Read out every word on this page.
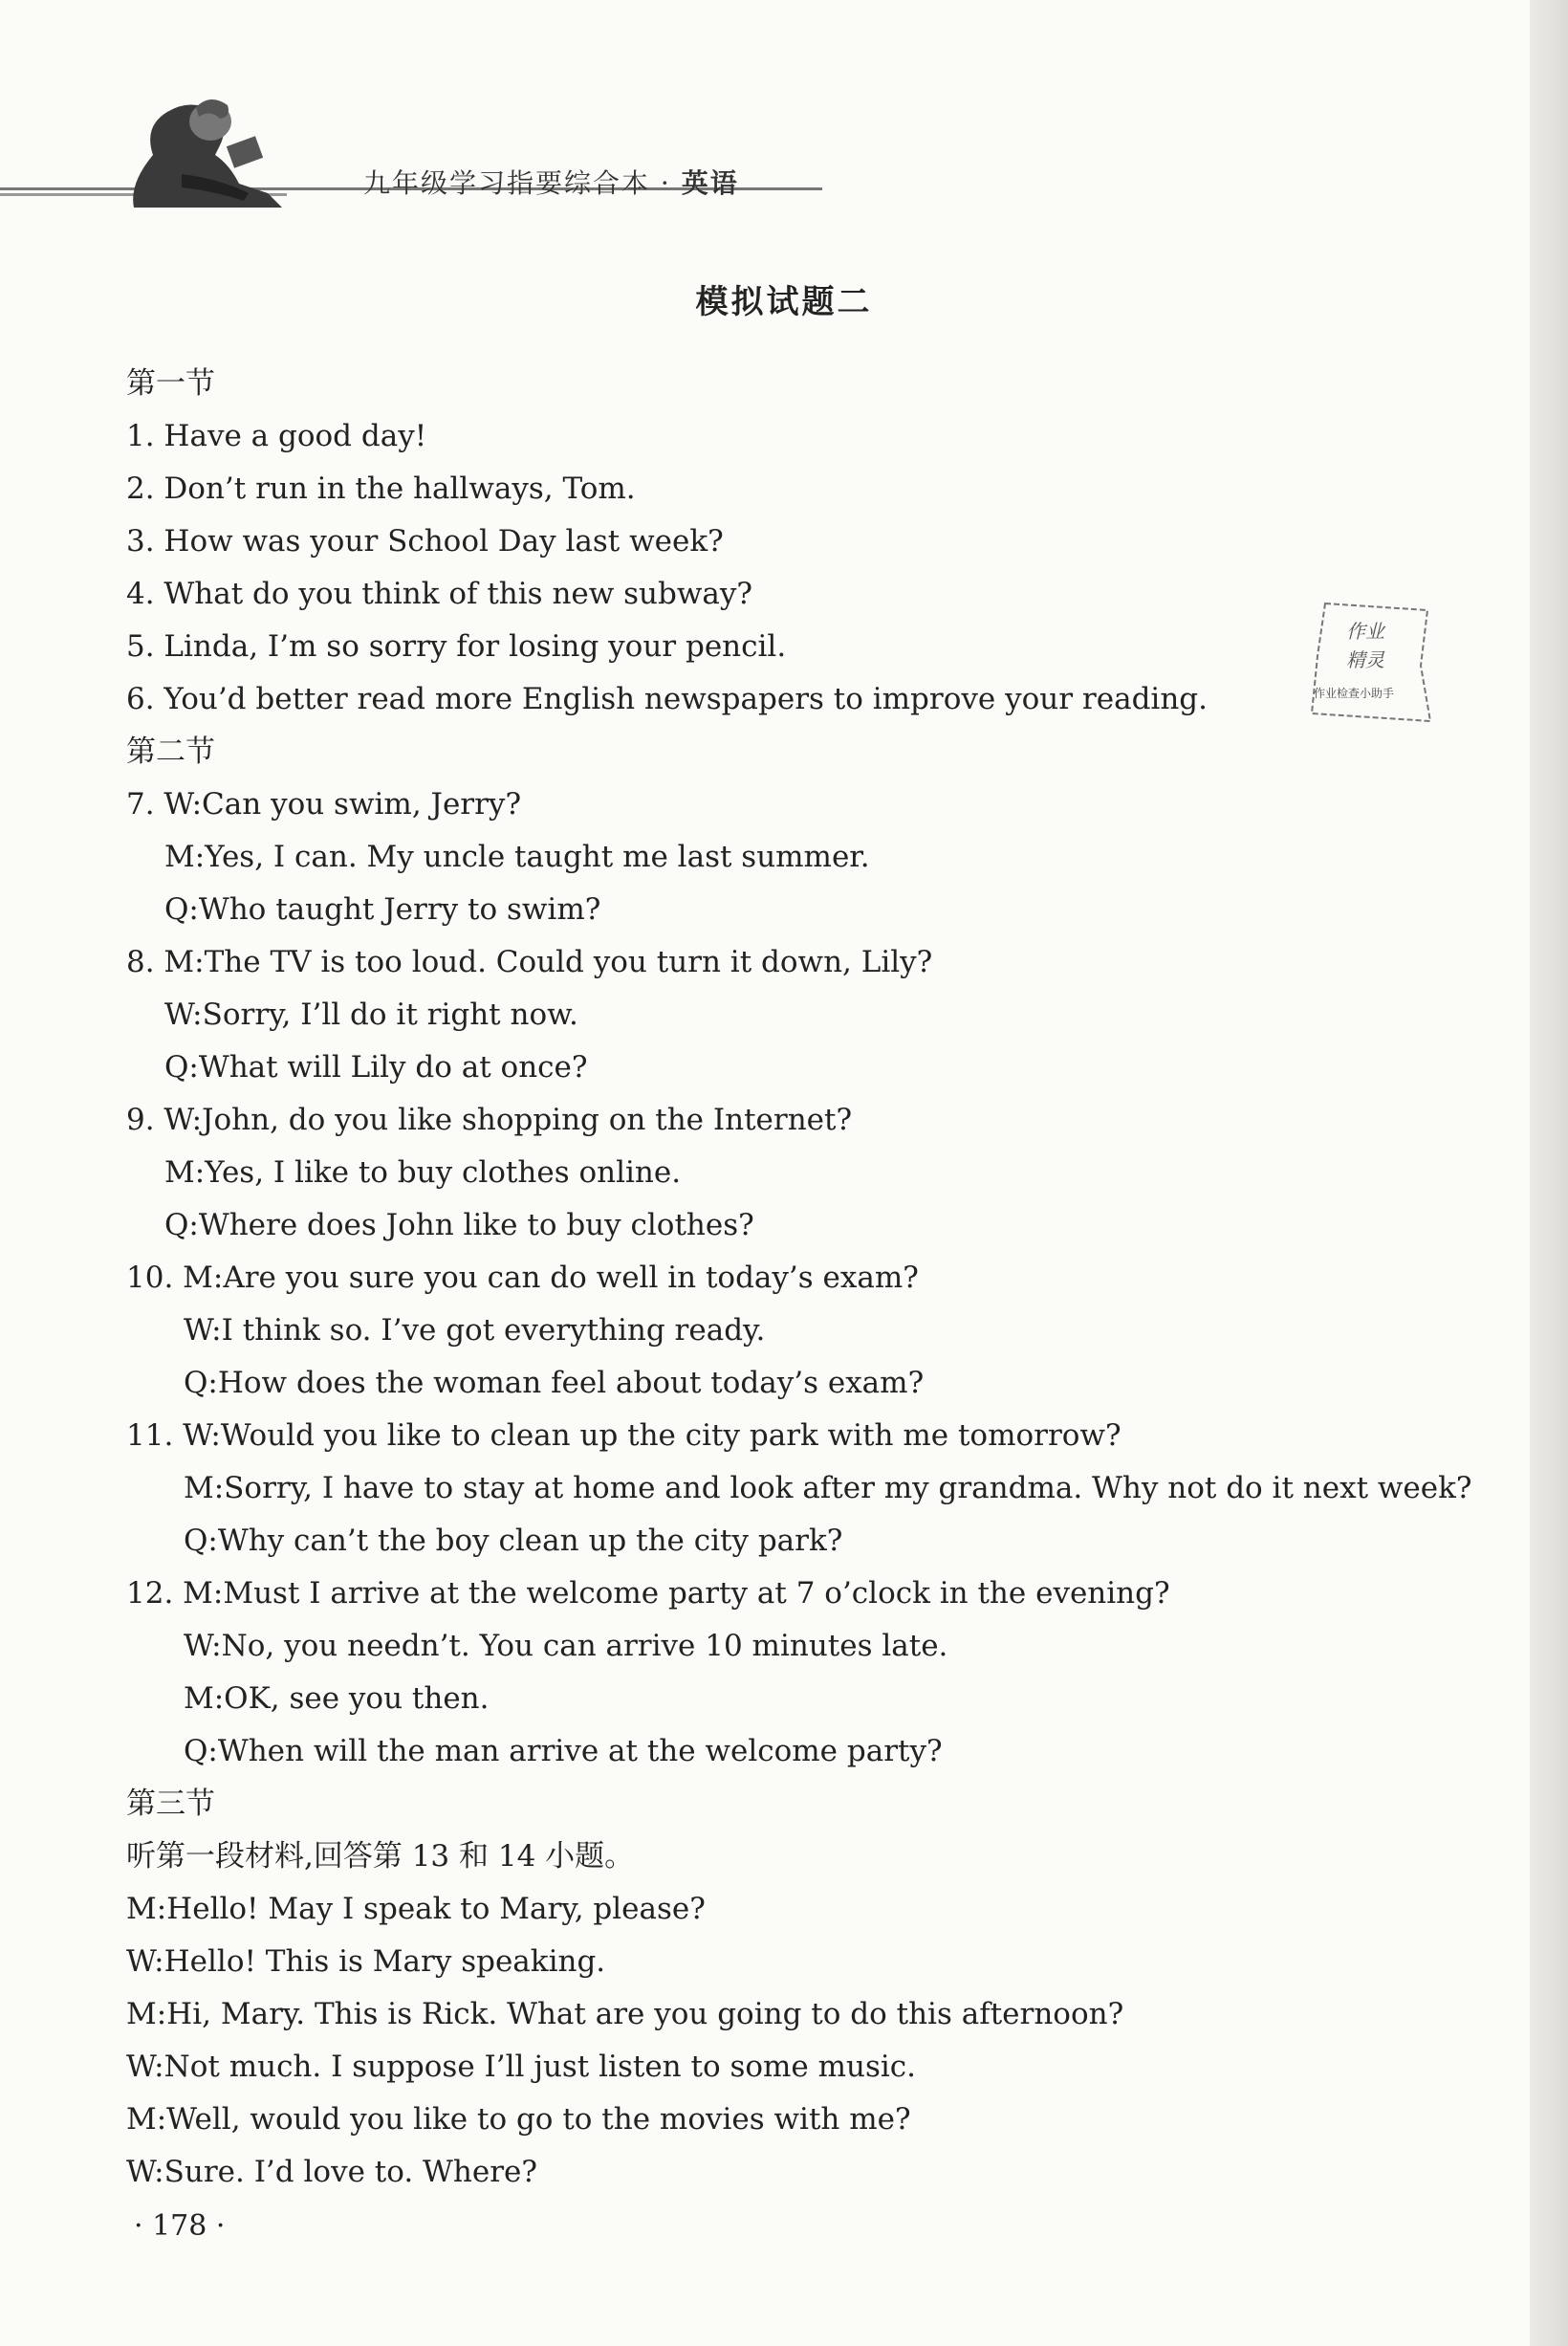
九年级学习指要综合本 · 英语
模拟试题二
作业
精灵
作业检查小助手
第一节
1. Have a good day!
2. Don’t run in the hallways, Tom.
3. How was your School Day last week?
4. What do you think of this new subway?
5. Linda, I’m so sorry for losing your pencil.
6. You’d better read more English newspapers to improve your reading.
第二节
7. W:Can you swim, Jerry?
M:Yes, I can. My uncle taught me last summer.
Q:Who taught Jerry to swim?
8. M:The TV is too loud. Could you turn it down, Lily?
W:Sorry, I’ll do it right now.
Q:What will Lily do at once?
9. W:John, do you like shopping on the Internet?
M:Yes, I like to buy clothes online.
Q:Where does John like to buy clothes?
10. M:Are you sure you can do well in today’s exam?
W:I think so. I’ve got everything ready.
Q:How does the woman feel about today’s exam?
11. W:Would you like to clean up the city park with me tomorrow?
M:Sorry, I have to stay at home and look after my grandma. Why not do it next week?
Q:Why can’t the boy clean up the city park?
12. M:Must I arrive at the welcome party at 7 o’clock in the evening?
W:No, you needn’t. You can arrive 10 minutes late.
M:OK, see you then.
Q:When will the man arrive at the welcome party?
第三节
听第一段材料,回答第 13 和 14 小题。
M:Hello! May I speak to Mary, please?
W:Hello! This is Mary speaking.
M:Hi, Mary. This is Rick. What are you going to do this afternoon?
W:Not much. I suppose I’ll just listen to some music.
M:Well, would you like to go to the movies with me?
W:Sure. I’d love to. Where?
· 178 ·
